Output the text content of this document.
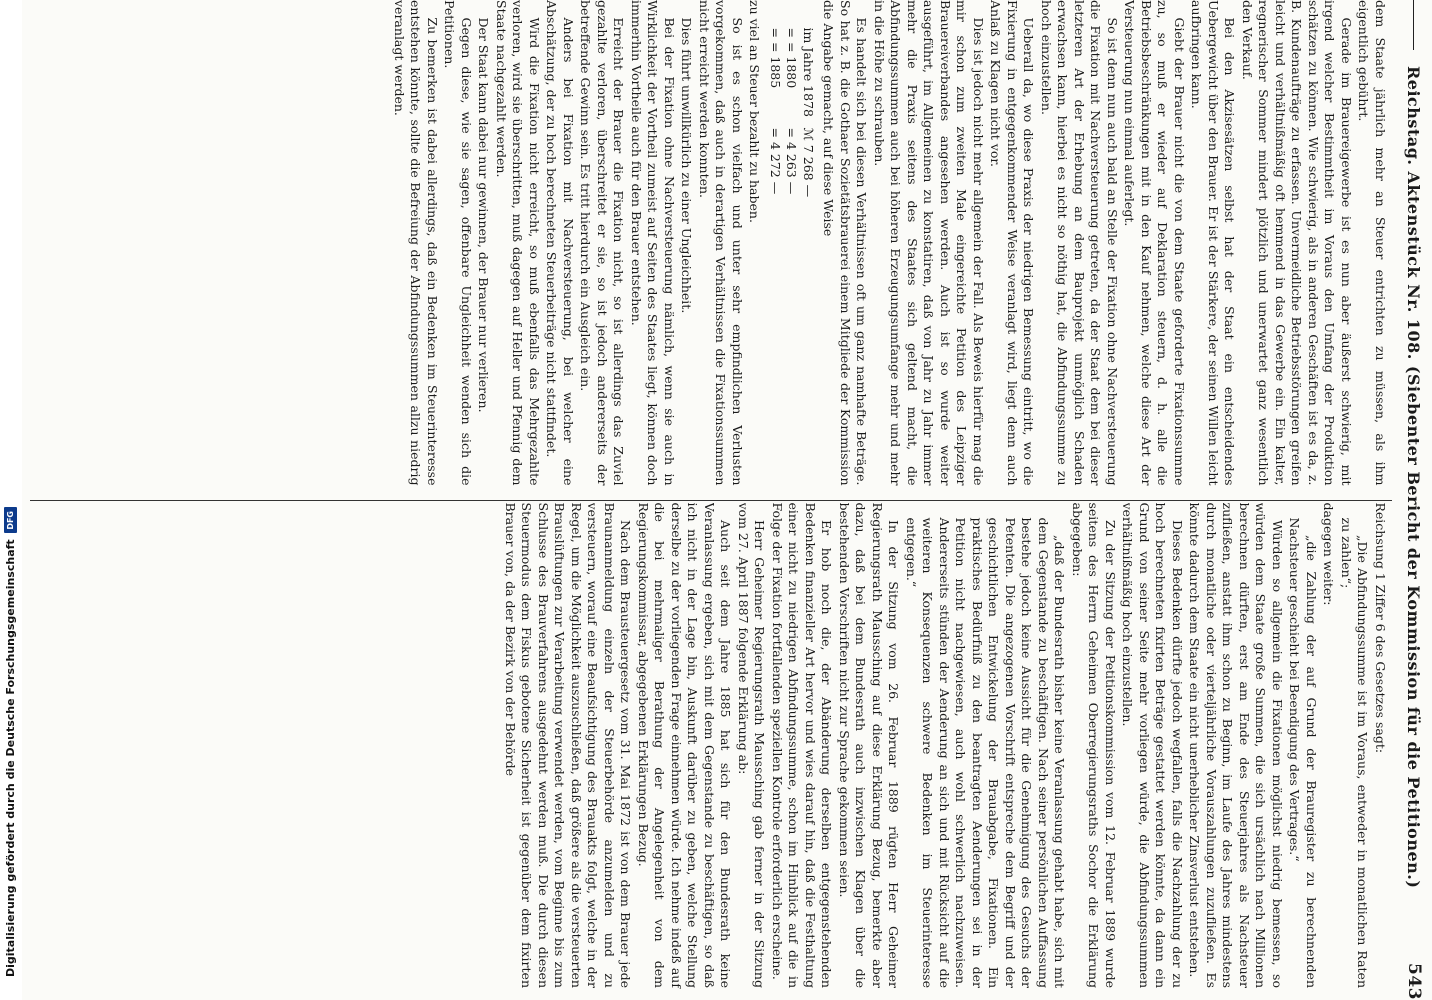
Reichstag. Aktenstück Nr. 108. (Siebenter Bericht der Kommission für die Petitionen.)
543

dem Staate jährlich mehr an Steuer entrichten zu müssen, als ihm eigentlich gebührt.

Gerade im Brauereigewerbe ist es nun aber äußerst schwierig, mit irgend welcher Bestimmtheit im Voraus den Umfang der Produktion schätzen zu können. Wie schwierig, als in anderen Geschäften ist es da, z. B. Kundenaufträge zu erfassen. Unvermeidliche Betriebsstörungen greifen leicht und verhältnißmäßig oft hemmend in das Gewerbe ein. Ein kalter, regnerischer Sommer mindert plötzlich und unerwartet ganz wesentlich den Verkauf.

Bei den Akzisesätzen selbst hat der Staat ein entscheidendes Uebergewicht über den Brauer. Er ist der Stärkere, der seinen Willen leicht aufbringen kann.

Giebt der Brauer nicht die von dem Staate geforderte Fixationssumme zu, so muß er wieder auf Deklaration steuern, d. h. alle die Betriebsbeschränkungen mit in den Kauf nehmen, welche diese Art der Versteuerung nun einmal auferlegt.

So ist denn nun auch bald an Stelle der Fixation ohne Nachversteuerung die Fixation mit Nachversteuerung getreten, da der Staat dem bei dieser letzteren Art der Erhebung an dem Bauprojekt unmöglich Schaden erwachsen kann, hierbei es nicht so nöthig hat, die Abfindungssumme zu hoch einzustellen.

Ueberall da, wo diese Praxis der niedrigen Bemessung eintritt, wo die Fixierung in entgegenkommender Weise veranlagt wird, liegt denn auch Anlaß zu Klagen nicht vor.

Dies ist jedoch nicht mehr allgemein der Fall. Als Beweis hierfür mag die mir schon zum zweiten Male eingereichte Petition des Leipziger Brauereiverbandes angesehen werden. Auch ist so wurde weiter ausgeführt, im Allgemeinen zu konstatiren, daß von Jahr zu Jahr immer mehr die Praxis seitens des Staates sich geltend macht, die Abfindungssummen auch bei höheren Erzeugungsumfange mehr und mehr in die Höhe zu schrauben.

Es handelt sich bei diesen Verhältnissen oft um ganz namhafte Beträge. So hat z. B. die Gothaer Sozietätsbrauerei einem Mitgliede der Kommission die Angabe gemacht, auf diese Weise

im Jahre 1878
ℳ 7 268 —
= = 1880
= 4 263 —
= = 1885
= 4 272 —

zu viel an Steuer bezahlt zu haben.

So ist es schon vielfach und unter sehr empfindlichen Verlusten vorgekommen, daß auch in derartigen Verhältnissen die Fixationssummen nicht erreicht werden konnten.

Dies führt unwillkürlich zu einer Ungleichheit.

Bei der Fixation ohne Nachversteuerung nämlich, wenn sie auch in Wirklichkeit der Vortheil zumeist auf Seiten des Staates liegt, können doch immerhin Vortheile auch für den Brauer entstehen.

Erreicht der Brauer die Fixation nicht, so ist allerdings das Zuviel gezahlte verloren, überschreitet er sie, so ist jedoch andererseits der betreffende Gewinn sein. Es tritt hierdurch ein Ausgleich ein.

Anders bei Fixation mit Nachversteuerung, bei welcher eine Abschätzung, der zu hoch berechneten Steuerbeiträge nicht stattfindet.

Wird die Fixation nicht erreicht, so muß ebenfalls das Mehrgezahlte verloren, wird sie überschritten, muß dagegen auf Heller und Pfennig dem Staate nachgezahlt werden.

Der Staat kann dabei nur gewinnen, der Brauer nur verlieren.

Gegen diese, wie sie sagen, offenbare Ungleichheit wenden sich die Petitionen.

Zu bemerken ist dabei allerdings, daß ein Bedenken im Steuerinteresse entstehen könnte, sollte die Befreiung der Abfindungssummen allzu niedrig veranlagt werden.

Reichsung 1 Ziffer 6 des Gesetzes sagt:

„Die Abfindungssumme ist im Voraus, entweder in monatlichen Raten zu zahlen“;

dagegen weiter:

„die Zahlung der auf Grund der Brauregister zu berechnenden Nachsteuer geschieht bei Beendigung des Vertrages.“

Würden so allgemein die Fixationen möglichst niedrig bemessen, so würden dem Staate große Summen, die sich ursächlich nach Millionen berechnen dürften, erst am Ende des Steuerjahres als Nachsteuer zufließen, anstatt ihm schon zu Beginn, im Laufe des Jahres mindestens durch monatliche oder vierteljährliche Vorauszahlungen zuzufließen. Es könnte dadurch dem Staate ein nicht unerheblicher Zinsverlust entstehen.

Dieses Bedenken dürfte jedoch wegfallen, falls die Nachzahlung der zu hoch berechneten fixirten Beträge gestattet werden könnte, da dann ein Grund von seiner Seite mehr vorliegen würde, die Abfindungssummen verhältnißmäßig hoch einzustellen.

Zu der Sitzung der Petitionskommission vom 12. Februar 1889 wurde seitens des Herrn Geheimen Oberregierungsraths Sochor die Erklärung abgegeben:

„daß der Bundesrath bisher keine Veranlassung gehabt habe, sich mit dem Gegenstande zu beschäftigen. Nach seiner persönlichen Auffassung bestehe jedoch keine Aussicht für die Genehmigung des Gesuchs der Petenten. Die angezogenen Vorschrift entspreche dem Begriff und der geschichtlichen Entwickelung der Brauabgabe, Fixationen. Ein praktisches Bedürfniß zu den beantragten Aenderungen sei in der Petition nicht nachgewiesen, auch wohl schwerlich nachzuweisen. Andererseits stünden der Aenderung an sich und mit Rücksicht auf die weiteren Konsequenzen schwere Bedenken im Steuerinteresse entgegen.“

In der Sitzung vom 26. Februar 1889 rügten Herr Geheimer Regierungsrath Maussching auf diese Erklärung Bezug, bemerkte aber dazu, daß bei dem Bundesrath auch inzwischen Klagen über die bestehenden Vorschriften nicht zur Sprache gekommen seien.

Er hob noch die, der Abänderung derselben entgegenstehenden Bedenken finanzieller Art hervor und wies darauf hin, daß die Festhaltung einer nicht zu niedrigen Abfindungssumme, schon im Hinblick auf die in Folge der Fixation fortfallenden speziellen Kontrole erforderlich erscheine.

Herr Geheimer Regierungsrath Maussching gab ferner in der Sitzung vom 27. April 1887 folgende Erklärung ab:

Auch seit dem Jahre 1885 hat sich für den Bundesrath keine Veranlassung ergeben, sich mit dem Gegenstande zu beschäftigen, so daß ich nicht in der Lage bin, Auskunft darüber zu geben, welche Stellung derselbe zu der vorliegenden Frage einnehmen würde. Ich nehme indeß auf die bei mehrmaliger Berathung der Angelegenheit von dem Regierungskommissar, abgegebenen Erklärungen Bezug.

Nach dem Brausteuergesetz vom 31. Mai 1872 ist von dem Brauer jede Braunanmeldung einzeln der Steuerbehörde anzumelden und zu versteuern, worauf eine Beaufsichtigung des Brauakts folgt, welche in der Regel, um die Möglichkeit auszuschließen, daß größere als die versteuerten Brauslüftungen zur Verarbeitung verwendet werden, vom Beginne bis zum Schlusse des Brauverfahrens ausgedehnt werden muß. Die durch diesen Steuermodus dem Fiskus gebotene Sicherheit ist gegenüber dem fixirten Brauer von, da der Bezirk von der Behörde

Digitalisierung gefördert durch die Deutsche Forschungsgemeinschaft
DFG
